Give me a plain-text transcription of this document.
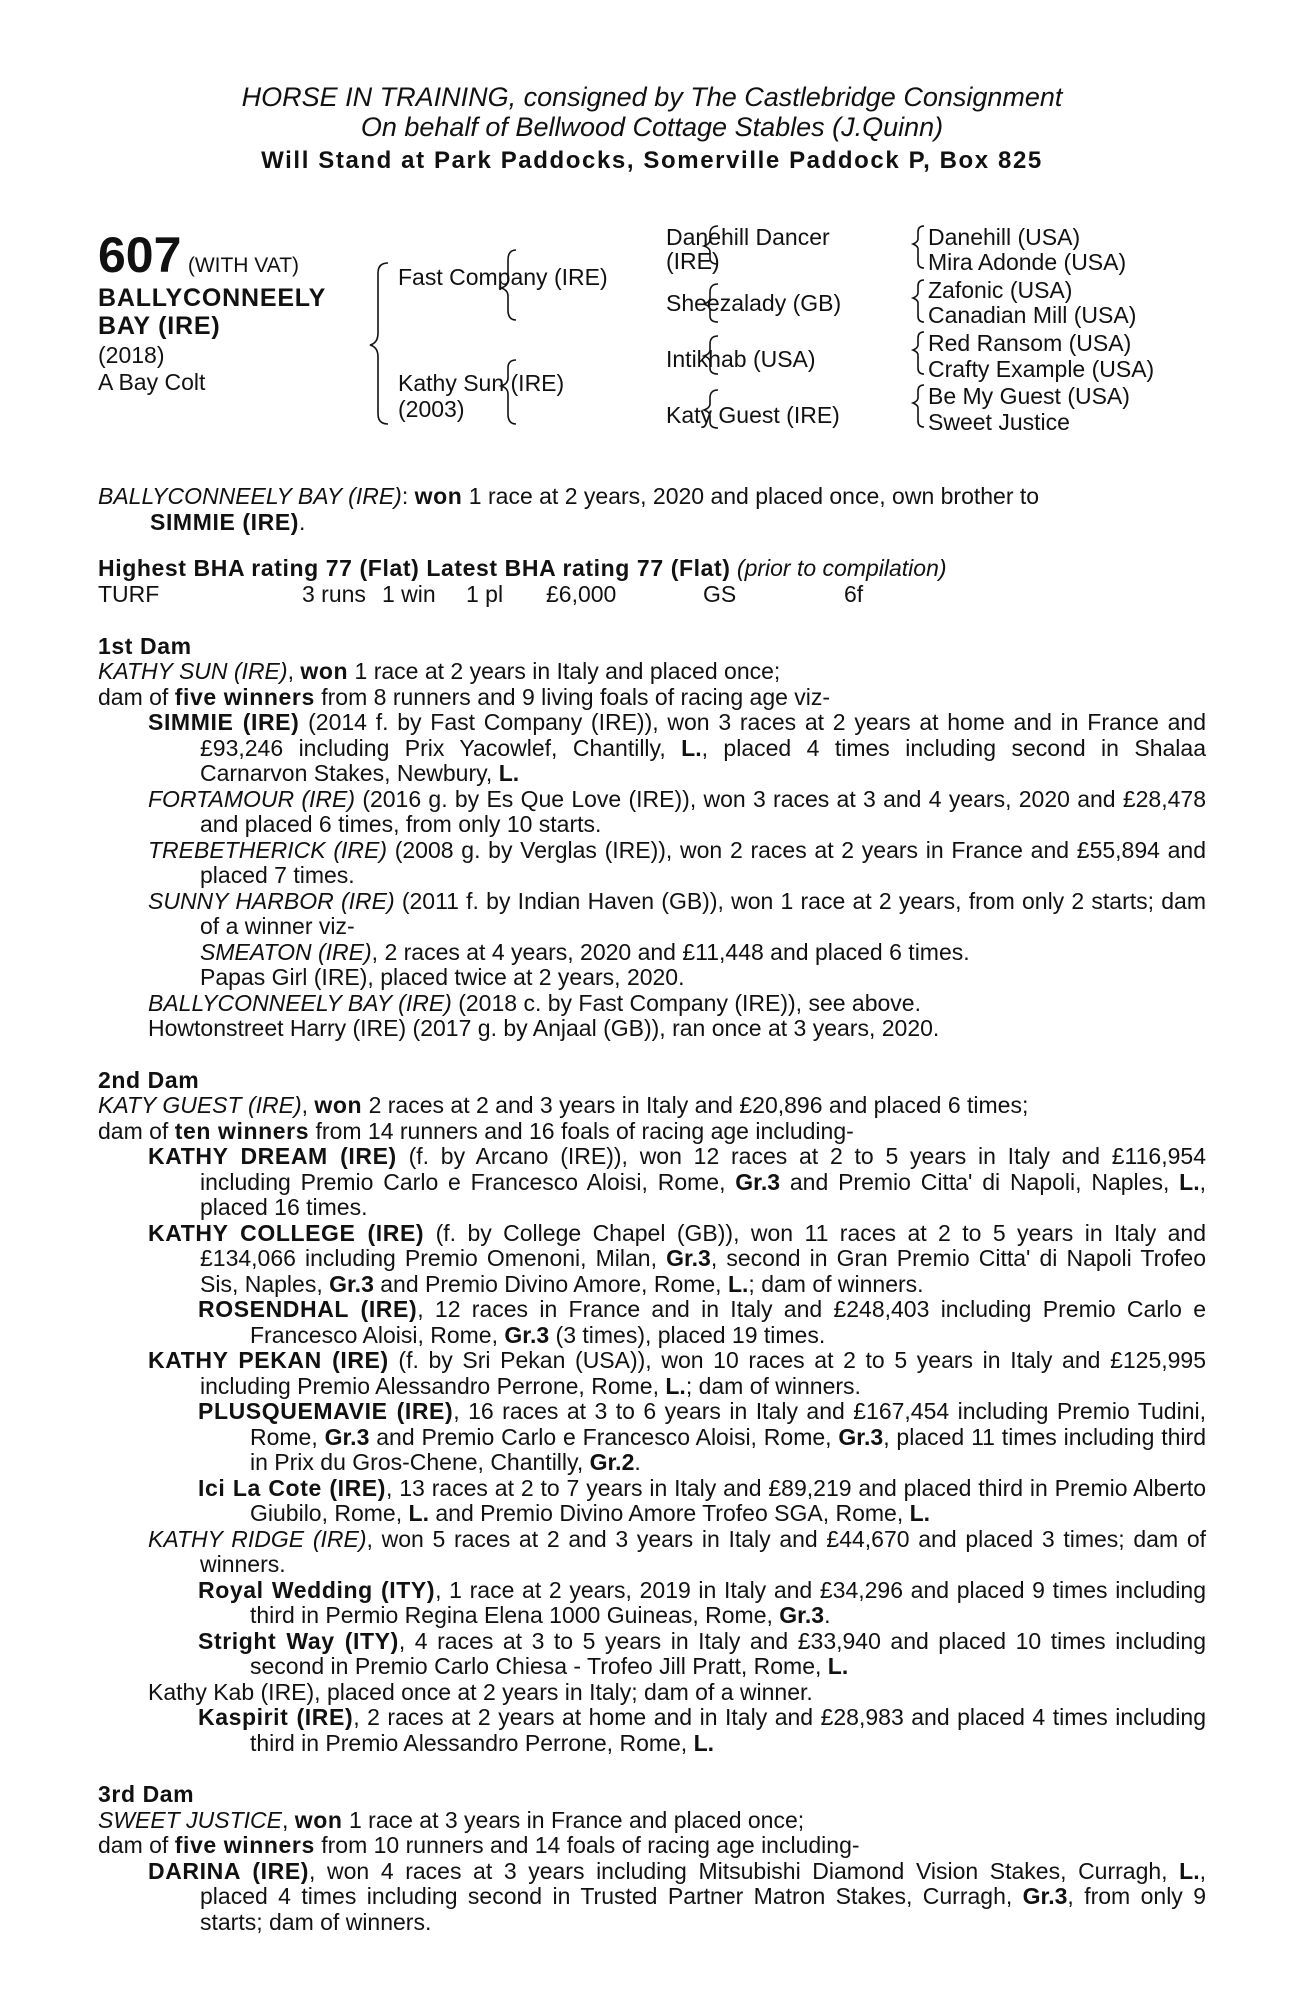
HORSE IN TRAINING, consigned by The Castlebridge Consignment
On behalf of Bellwood Cottage Stables (J.Quinn)
Will Stand at Park Paddocks, Somerville Paddock P, Box 825
607 (WITH VAT)
BALLYCONNEELY
BAY (IRE)
(2018)
A Bay Colt
Fast Company (IRE)
Kathy Sun (IRE)
(2003)
Danehill Dancer
(IRE)
Sheezalady (GB)
Intikhab (USA)
Katy Guest (IRE)
Danehill (USA)
Mira Adonde (USA)
Zafonic (USA)
Canadian Mill (USA)
Red Ransom (USA)
Crafty Example (USA)
Be My Guest (USA)
Sweet Justice
BALLYCONNEELY BAY (IRE): won 1 race at 2 years, 2020 and placed once, own brother to
SIMMIE (IRE).
Highest BHA rating 77 (Flat) Latest BHA rating 77 (Flat) (prior to compilation)
TURF	3 runs 1 win 1 pl £6,000	GS	6f
1st Dam

KATHY SUN (IRE), won 1 race at 2 years in Italy and placed once;

dam of five winners from 8 runners and 9 living foals of racing age viz-

SIMMIE (IRE) (2014 f. by Fast Company (IRE)), won 3 races at 2 years at home and in France and £93,246 including Prix Yacowlef, Chantilly, L., placed 4 times including second in Shalaa Carnarvon Stakes, Newbury, L.

FORTAMOUR (IRE) (2016 g. by Es Que Love (IRE)), won 3 races at 3 and 4 years, 2020 and £28,478 and placed 6 times, from only 10 starts.

TREBETHERICK (IRE) (2008 g. by Verglas (IRE)), won 2 races at 2 years in France and £55,894 and placed 7 times.

SUNNY HARBOR (IRE) (2011 f. by Indian Haven (GB)), won 1 race at 2 years, from only 2 starts; dam of a winner viz-

SMEATON (IRE), 2 races at 4 years, 2020 and £11,448 and placed 6 times.

Papas Girl (IRE), placed twice at 2 years, 2020.

BALLYCONNEELY BAY (IRE) (2018 c. by Fast Company (IRE)), see above.

Howtonstreet Harry (IRE) (2017 g. by Anjaal (GB)), ran once at 3 years, 2020.

2nd Dam

KATY GUEST (IRE), won 2 races at 2 and 3 years in Italy and £20,896 and placed 6 times;

dam of ten winners from 14 runners and 16 foals of racing age including-

KATHY DREAM (IRE) (f. by Arcano (IRE)), won 12 races at 2 to 5 years in Italy and £116,954 including Premio Carlo e Francesco Aloisi, Rome, Gr.3 and Premio Citta' di Napoli, Naples, L., placed 16 times.

KATHY COLLEGE (IRE) (f. by College Chapel (GB)), won 11 races at 2 to 5 years in Italy and £134,066 including Premio Omenoni, Milan, Gr.3, second in Gran Premio Citta' di Napoli Trofeo Sis, Naples, Gr.3 and Premio Divino Amore, Rome, L.; dam of winners.

ROSENDHAL (IRE), 12 races in France and in Italy and £248,403 including Premio Carlo e Francesco Aloisi, Rome, Gr.3 (3 times), placed 19 times.

KATHY PEKAN (IRE) (f. by Sri Pekan (USA)), won 10 races at 2 to 5 years in Italy and £125,995 including Premio Alessandro Perrone, Rome, L.; dam of winners.

PLUSQUEMAVIE (IRE), 16 races at 3 to 6 years in Italy and £167,454 including Premio Tudini, Rome, Gr.3 and Premio Carlo e Francesco Aloisi, Rome, Gr.3, placed 11 times including third in Prix du Gros-Chene, Chantilly, Gr.2.

Ici La Cote (IRE), 13 races at 2 to 7 years in Italy and £89,219 and placed third in Premio Alberto Giubilo, Rome, L. and Premio Divino Amore Trofeo SGA, Rome, L.

KATHY RIDGE (IRE), won 5 races at 2 and 3 years in Italy and £44,670 and placed 3 times; dam of winners.

Royal Wedding (ITY), 1 race at 2 years, 2019 in Italy and £34,296 and placed 9 times including third in Permio Regina Elena 1000 Guineas, Rome, Gr.3.

Stright Way (ITY), 4 races at 3 to 5 years in Italy and £33,940 and placed 10 times including second in Premio Carlo Chiesa - Trofeo Jill Pratt, Rome, L.

Kathy Kab (IRE), placed once at 2 years in Italy; dam of a winner.

Kaspirit (IRE), 2 races at 2 years at home and in Italy and £28,983 and placed 4 times including third in Premio Alessandro Perrone, Rome, L.

3rd Dam

SWEET JUSTICE, won 1 race at 3 years in France and placed once;

dam of five winners from 10 runners and 14 foals of racing age including-

DARINA (IRE), won 4 races at 3 years including Mitsubishi Diamond Vision Stakes, Curragh, L., placed 4 times including second in Trusted Partner Matron Stakes, Curragh, Gr.3, from only 9 starts; dam of winners.
